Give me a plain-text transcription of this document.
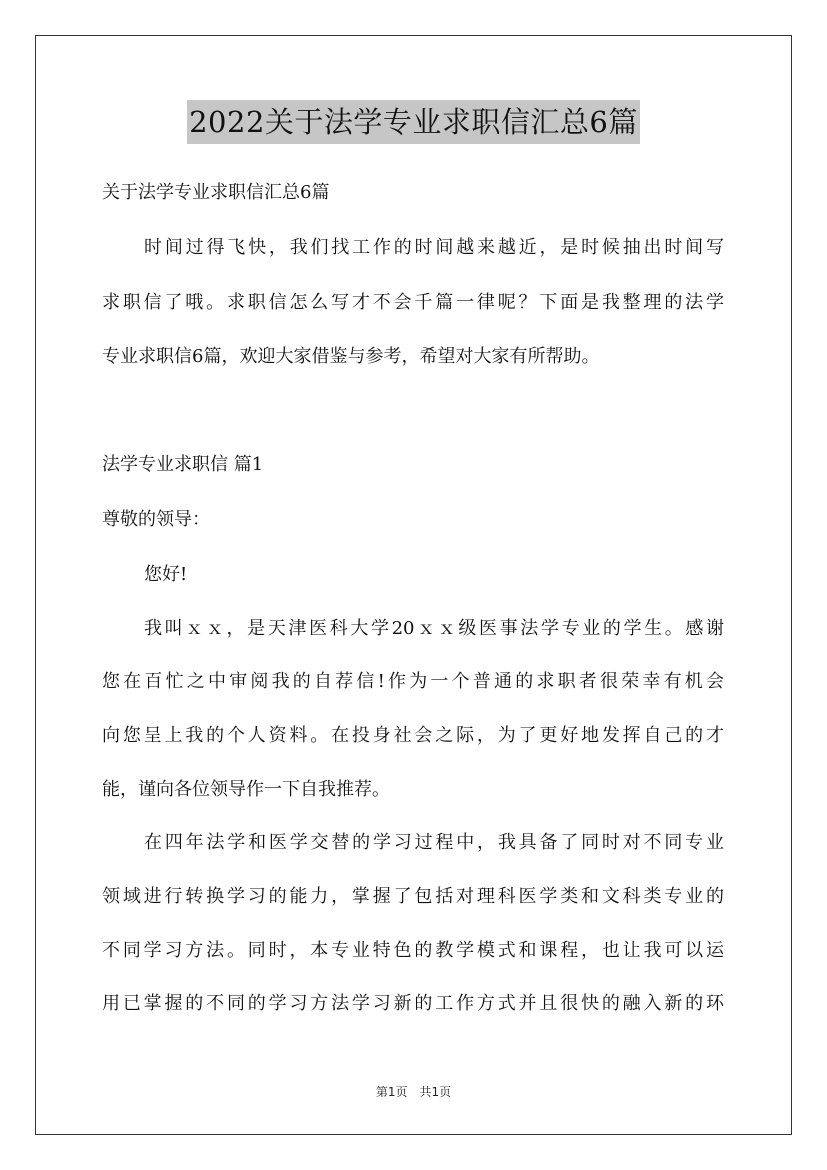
2022关于法学专业求职信汇总6篇
关于法学专业求职信汇总6篇
时间过得飞快，我们找工作的时间越来越近，是时候抽出时间写
求职信了哦。求职信怎么写才不会千篇一律呢？下面是我整理的法学
专业求职信6篇，欢迎大家借鉴与参考，希望对大家有所帮助。
法学专业求职信 篇1
尊敬的领导：
您好!
我叫ｘｘ，是天津医科大学20ｘｘ级医事法学专业的学生。感谢
您在百忙之中审阅我的自荐信!作为一个普通的求职者很荣幸有机会
向您呈上我的个人资料。在投身社会之际，为了更好地发挥自己的才
能，谨向各位领导作一下自我推荐。
在四年法学和医学交替的学习过程中，我具备了同时对不同专业
领域进行转换学习的能力，掌握了包括对理科医学类和文科类专业的
不同学习方法。同时，本专业特色的教学模式和课程，也让我可以运
用已掌握的不同的学习方法学习新的工作方式并且很快的融入新的环
第1页 共1页
